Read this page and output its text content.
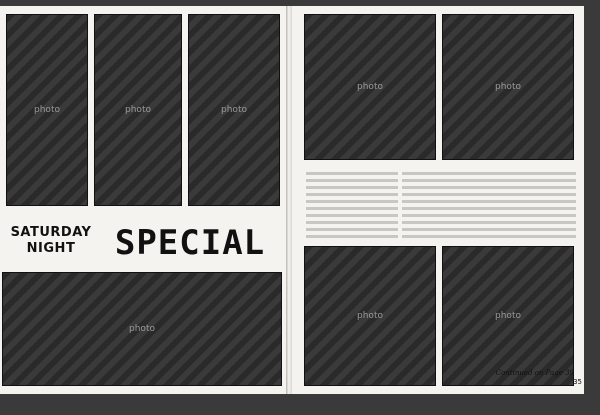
photo	photo	photo
SATURDAY NIGHT	SPECIAL
photo
photo	photo
photo	photo
Continued on Page 39
35
